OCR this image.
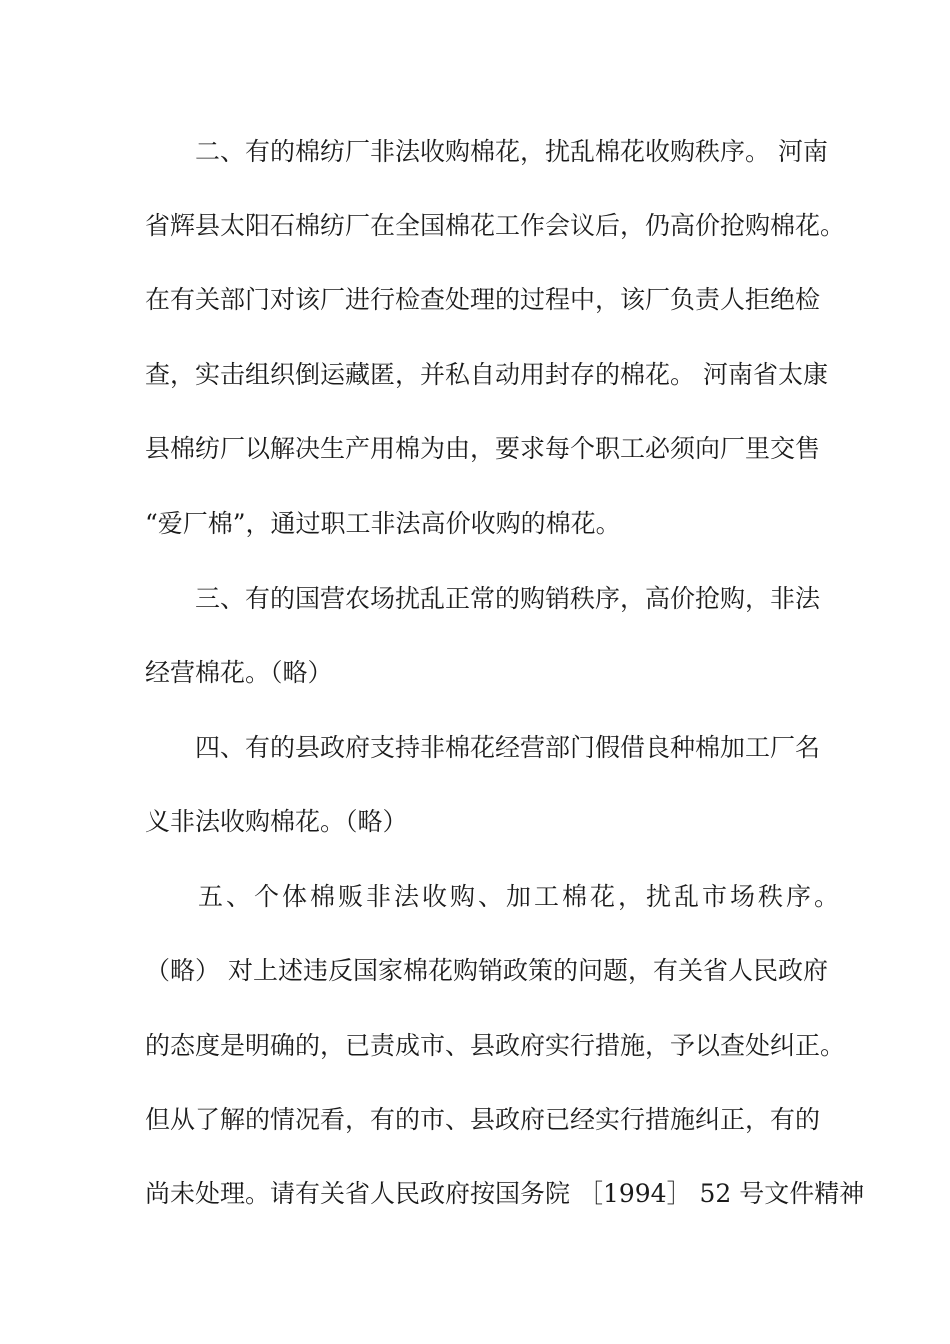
二、有的棉纺厂非法收购棉花，扰乱棉花收购秩序。 河南
省辉县太阳石棉纺厂在全国棉花工作会议后，仍高价抢购棉花。
在有关部门对该厂进行检查处理的过程中，该厂负责人拒绝检
查，实击组织倒运藏匿，并私自动用封存的棉花。 河南省太康
县棉纺厂以解决生产用棉为由，要求每个职工必须向厂里交售
“爱厂棉”，通过职工非法高价收购的棉花。
三、有的国营农场扰乱正常的购销秩序，高价抢购，非法
经营棉花。（略）
四、有的县政府支持非棉花经营部门假借良种棉加工厂名
义非法收购棉花。（略）
五、个体棉贩非法收购、加工棉花，扰乱市场秩序。
（略） 对上述违反国家棉花购销政策的问题，有关省人民政府
的态度是明确的，已责成市、县政府实行措施，予以查处纠正。
但从了解的情况看，有的市、县政府已经实行措施纠正，有的
尚未处理。请有关省人民政府按国务院 ［1994］ 52 号文件精神
